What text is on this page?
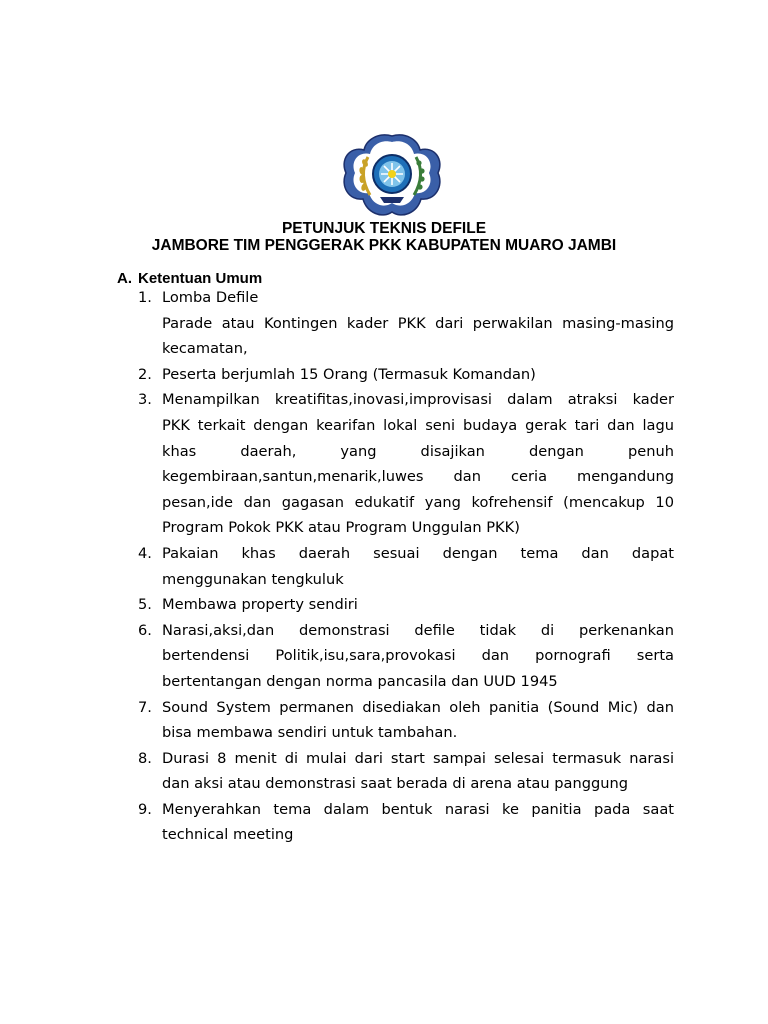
PETUNJUK TEKNIS DEFILE
JAMBORE TIM PENGGERAK PKK KABUPATEN MUARO JAMBI
A. Ketentuan Umum
1. Lomba Defile
Parade atau Kontingen kader PKK dari perwakilan masing-masing
kecamatan,
2. Peserta berjumlah 15 Orang (Termasuk Komandan)
3. Menampilkan kreatifitas,inovasi,improvisasi dalam atraksi kader
PKK terkait dengan kearifan lokal seni budaya gerak tari dan lagu
khas daerah, yang disajikan dengan penuh
kegembiraan,santun,menarik,luwes dan ceria mengandung
pesan,ide dan gagasan edukatif yang kofrehensif (mencakup 10
Program Pokok PKK atau Program Unggulan PKK)
4. Pakaian khas daerah sesuai dengan tema dan dapat
menggunakan tengkuluk
5. Membawa property sendiri
6. Narasi,aksi,dan demonstrasi defile tidak di perkenankan
bertendensi Politik,isu,sara,provokasi dan pornografi serta
bertentangan dengan norma pancasila dan UUD 1945
7. Sound System permanen disediakan oleh panitia (Sound Mic) dan
bisa membawa sendiri untuk tambahan.
8. Durasi 8 menit di mulai dari start sampai selesai termasuk narasi
dan aksi atau demonstrasi saat berada di arena atau panggung
9. Menyerahkan tema dalam bentuk narasi ke panitia pada saat
technical meeting
